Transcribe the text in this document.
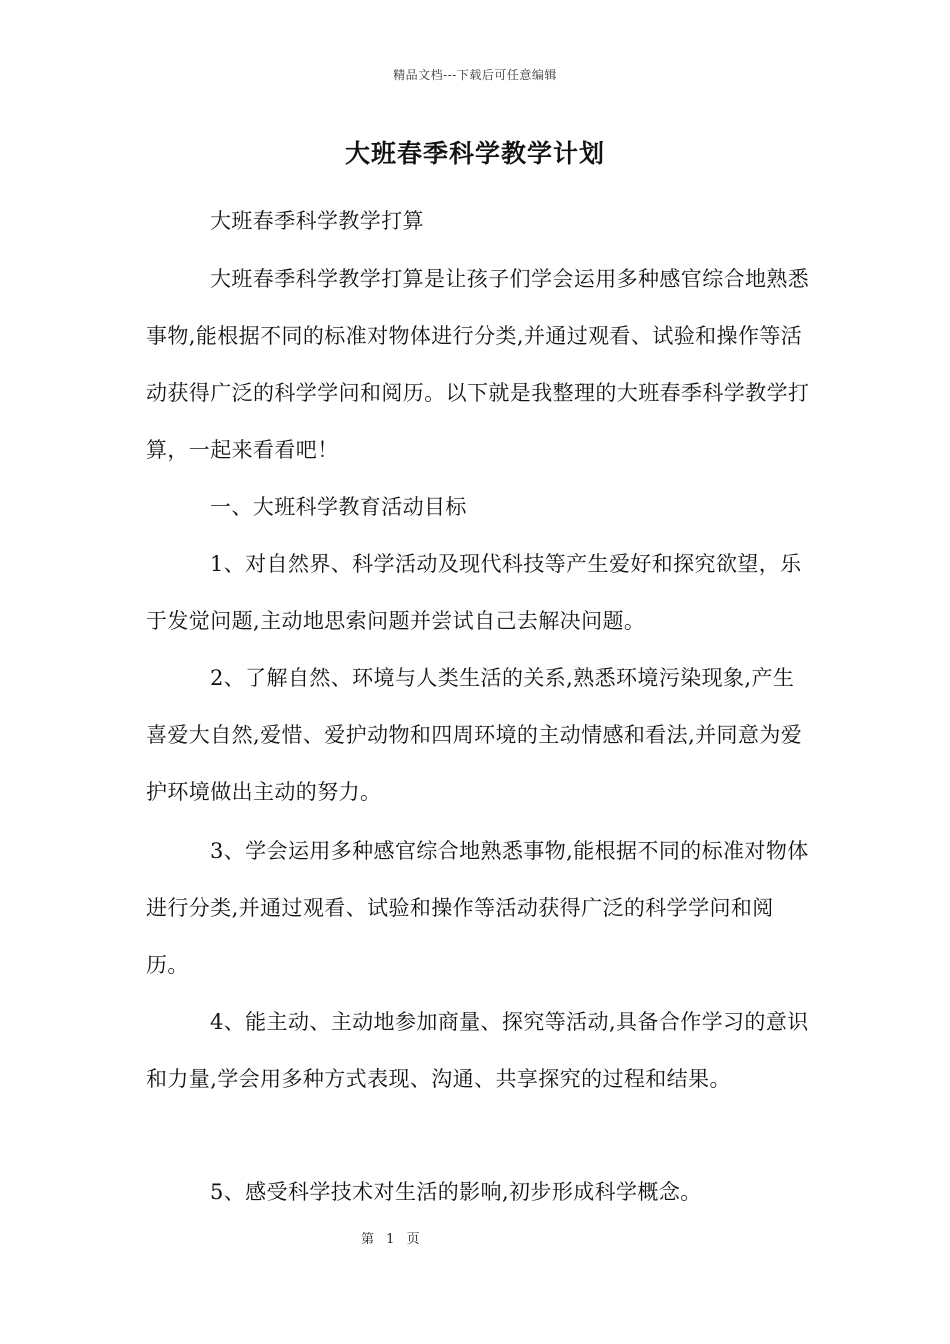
精品文档---下载后可任意编辑
大班春季科学教学计划

大班春季科学教学打算

大班春季科学教学打算是让孩子们学会运用多种感官综合地熟悉事物,能根据不同的标准对物体进行分类,并通过观看、试验和操作等活动获得广泛的科学学问和阅历。以下就是我整理的大班春季科学教学打算，一起来看看吧！

一、大班科学教育活动目标

1、对自然界、科学活动及现代科技等产生爱好和探究欲望，乐于发觉问题,主动地思索问题并尝试自己去解决问题。

2、了解自然、环境与人类生活的关系,熟悉环境污染现象,产生喜爱大自然,爱惜、爱护动物和四周环境的主动情感和看法,并同意为爱护环境做出主动的努力。

3、学会运用多种感官综合地熟悉事物,能根据不同的标准对物体进行分类,并通过观看、试验和操作等活动获得广泛的科学学问和阅历。

4、能主动、主动地参加商量、探究等活动,具备合作学习的意识和力量,学会用多种方式表现、沟通、共享探究的过程和结果。

5、感受科学技术对生活的影响,初步形成科学概念。

第 1 页
